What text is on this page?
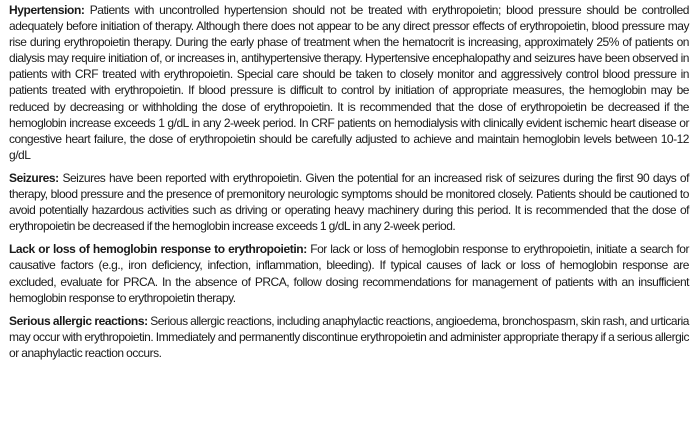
Hypertension: Patients with uncontrolled hypertension should not be treated with erythropoietin; blood pressure should be controlled adequately before initiation of therapy. Although there does not appear to be any direct pressor effects of erythropoietin, blood pressure may rise during erythropoietin therapy. During the early phase of treatment when the hematocrit is increasing, approximately 25% of patients on dialysis may require initiation of, or increases in, antihypertensive therapy. Hypertensive encephalopathy and seizures have been observed in patients with CRF treated with erythropoietin. Special care should be taken to closely monitor and aggressively control blood pressure in patients treated with erythropoietin. If blood pressure is difficult to control by initiation of appropriate measures, the hemoglobin may be reduced by decreasing or withholding the dose of erythropoietin. It is recommended that the dose of erythropoietin be decreased if the hemoglobin increase exceeds 1 g/dL in any 2-week period. In CRF patients on hemodialysis with clinically evident ischemic heart disease or congestive heart failure, the dose of erythropoietin should be carefully adjusted to achieve and maintain hemoglobin levels between 10-12 g/dL

Seizures: Seizures have been reported with erythropoietin. Given the potential for an increased risk of seizures during the first 90 days of therapy, blood pressure and the presence of premonitory neurologic symptoms should be monitored closely. Patients should be cautioned to avoid potentially hazardous activities such as driving or operating heavy machinery during this period. It is recommended that the dose of erythropoietin be decreased if the hemoglobin increase exceeds 1 g/dL in any 2-week period.

Lack or loss of hemoglobin response to erythropoietin: For lack or loss of hemoglobin response to erythropoietin, initiate a search for causative factors (e.g., iron deficiency, infection, inflammation, bleeding). If typical causes of lack or loss of hemoglobin response are excluded, evaluate for PRCA. In the absence of PRCA, follow dosing recommendations for management of patients with an insufficient hemoglobin response to erythropoietin therapy.

Serious allergic reactions: Serious allergic reactions, including anaphylactic reactions, angioedema, bronchospasm, skin rash, and urticaria may occur with erythropoietin. Immediately and permanently discontinue erythropoietin and administer appropriate therapy if a serious allergic or anaphylactic reaction occurs.
